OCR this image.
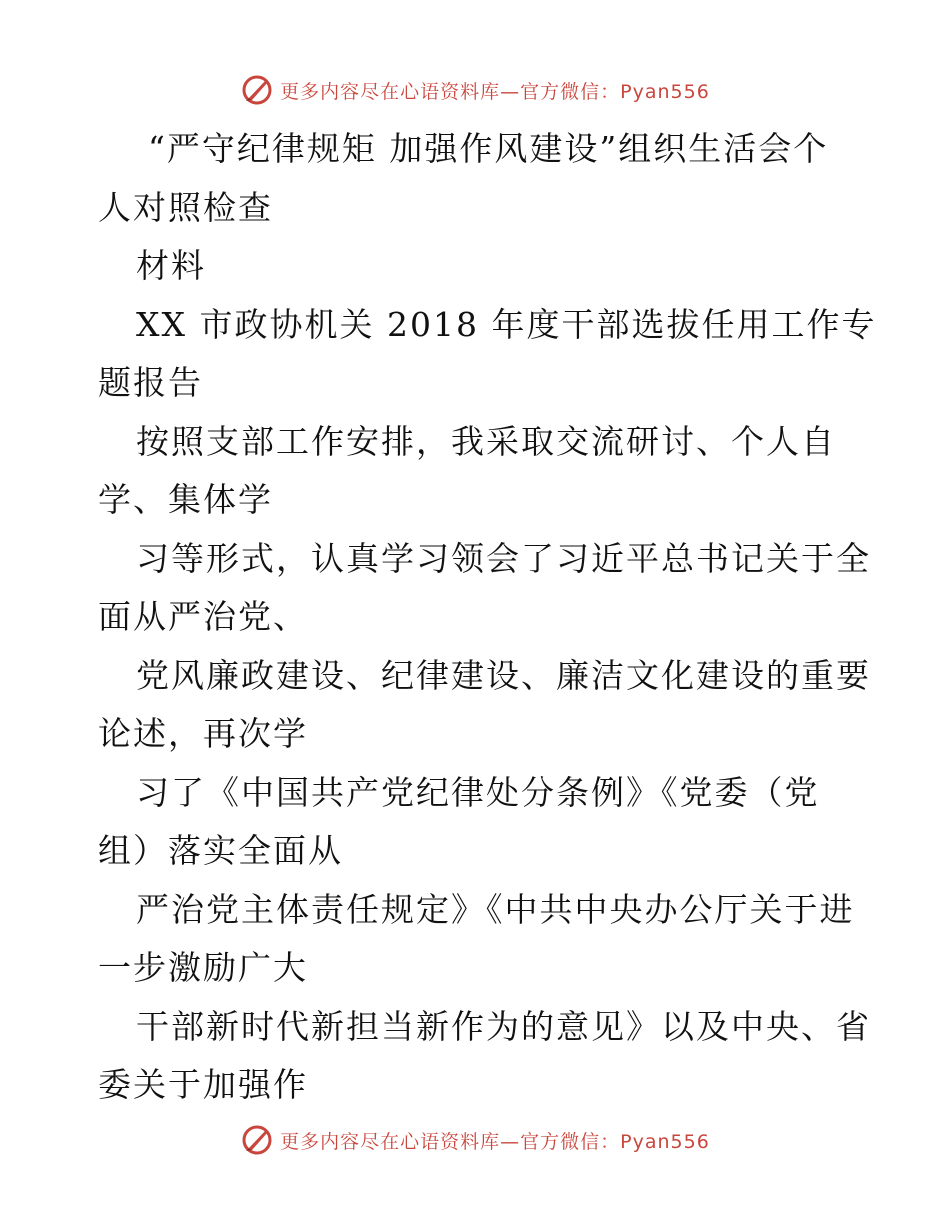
更多内容尽在心语资料库—官方微信：Pyan556
“严守纪律规矩 加强作风建设”组织生活会个
人对照检查
材料
XX 市政协机关 2018 年度干部选拔任用工作专
题报告
按照支部工作安排，我采取交流研讨、个人自
学、集体学
习等形式，认真学习领会了习近平总书记关于全
面从严治党、
党风廉政建设、纪律建设、廉洁文化建设的重要
论述，再次学
习了《中国共产党纪律处分条例》《党委（党
组）落实全面从
严治党主体责任规定》《中共中央办公厅关于进
一步激励广大
干部新时代新担当新作为的意见》以及中央、省
委关于加强作
更多内容尽在心语资料库—官方微信：Pyan556
